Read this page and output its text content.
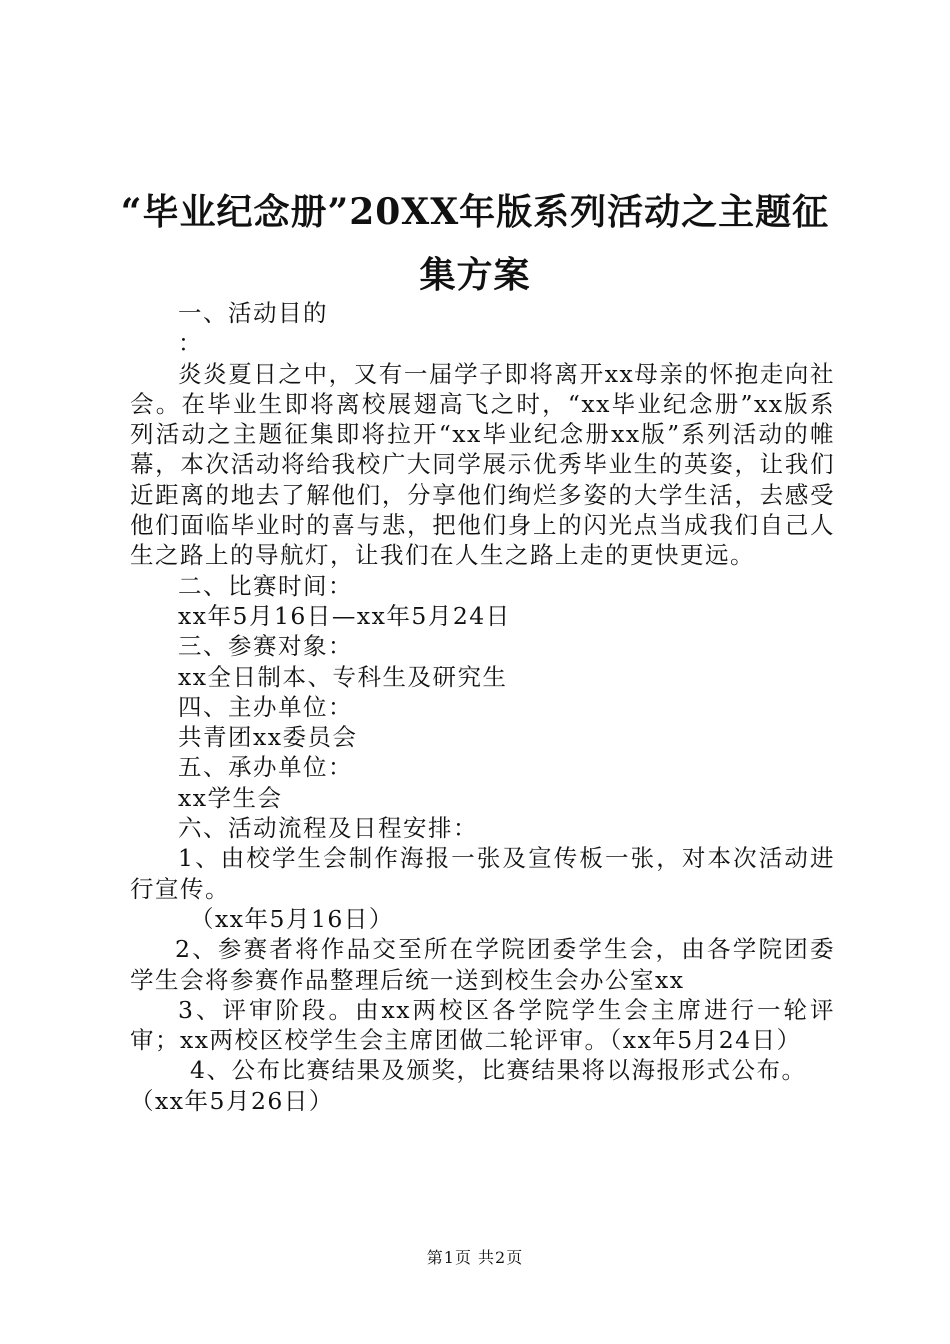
“毕业纪念册”20XX年版系列活动之主题征
集方案

一、活动目的

：

炎炎夏日之中，又有一届学子即将离开xx母亲的怀抱走向社会。在毕业生即将离校展翅高飞之时，“xx毕业纪念册”xx版系列活动之主题征集即将拉开“xx毕业纪念册xx版”系列活动的帷幕，本次活动将给我校广大同学展示优秀毕业生的英姿，让我们近距离的地去了解他们，分享他们绚烂多姿的大学生活，去感受他们面临毕业时的喜与悲，把他们身上的闪光点当成我们自己人生之路上的导航灯，让我们在人生之路上走的更快更远。

二、比赛时间：

xx年5月16日—xx年5月24日

三、参赛对象：

xx全日制本、专科生及研究生

四、主办单位：

共青团xx委员会

五、承办单位：

xx学生会

六、活动流程及日程安排：

1、由校学生会制作海报一张及宣传板一张，对本次活动进行宣传。

（xx年5月16日）

2、参赛者将作品交至所在学院团委学生会，由各学院团委学生会将参赛作品整理后统一送到校生会办公室xx

3、评审阶段。由xx两校区各学院学生会主席进行一轮评审；xx两校区校学生会主席团做二轮评审。（xx年5月24日）

4、公布比赛结果及颁奖，比赛结果将以海报形式公布。

（xx年5月26日）

第1页 共2页
